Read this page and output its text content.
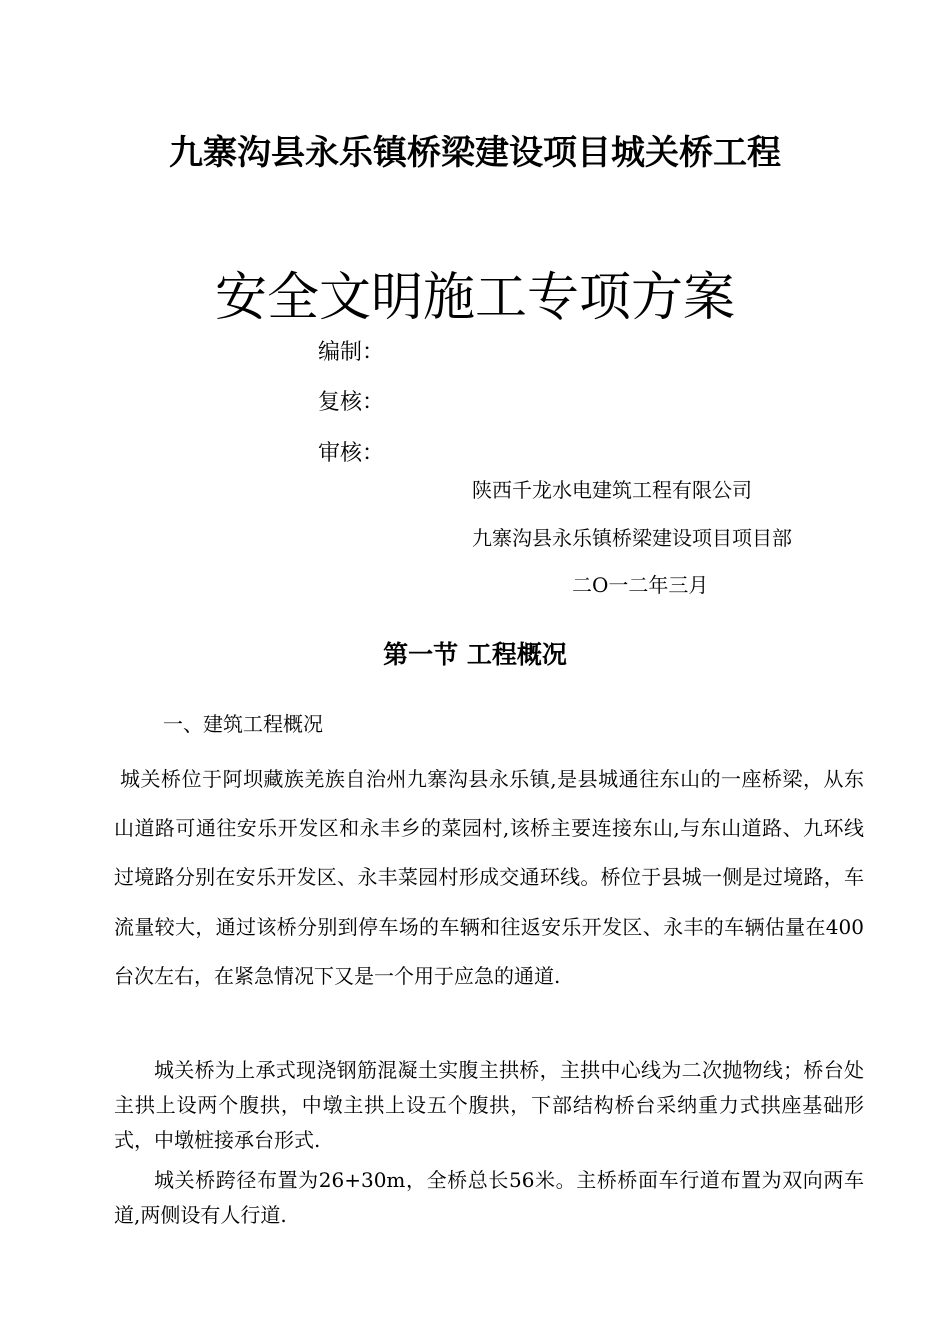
九寨沟县永乐镇桥梁建设项目城关桥工程
安全文明施工专项方案
编制：
复核：
审核：
陕西千龙水电建筑工程有限公司
九寨沟县永乐镇桥梁建设项目项目部
二O一二年三月
第一节 工程概况
一、建筑工程概况

城关桥位于阿坝藏族羌族自治州九寨沟县永乐镇,是县城通往东山的一座桥梁，从东山道路可通往安乐开发区和永丰乡的菜园村,该桥主要连接东山,与东山道路、九环线过境路分别在安乐开发区、永丰菜园村形成交通环线。桥位于县城一侧是过境路，车流量较大，通过该桥分别到停车场的车辆和往返安乐开发区、永丰的车辆估量在400台次左右，在紧急情况下又是一个用于应急的通道.

城关桥为上承式现浇钢筋混凝土实腹主拱桥，主拱中心线为二次抛物线；桥台处主拱上设两个腹拱，中墩主拱上设五个腹拱，下部结构桥台采纳重力式拱座基础形式，中墩桩接承台形式.

城关桥跨径布置为26+30m，全桥总长56米。主桥桥面车行道布置为双向两车道,两侧设有人行道.
